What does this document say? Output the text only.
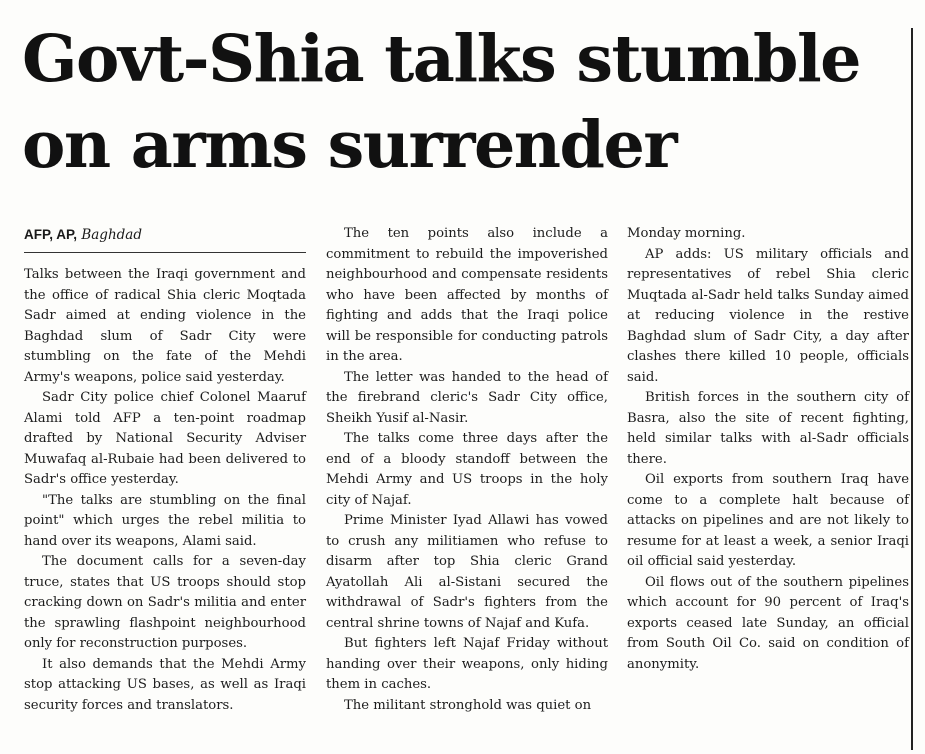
Govt-Shia talks stumble on arms surrender
AFP, AP, Baghdad

Talks between the Iraqi government and the office of radical Shia cleric Moqtada Sadr aimed at ending violence in the Baghdad slum of Sadr City were stumbling on the fate of the Mehdi Army's weapons, police said yesterday.

Sadr City police chief Colonel Maaruf Alami told AFP a ten-point roadmap drafted by National Security Adviser Muwafaq al-Rubaie had been delivered to Sadr's office yesterday.

"The talks are stumbling on the final point" which urges the rebel militia to hand over its weapons, Alami said.

The document calls for a seven-day truce, states that US troops should stop cracking down on Sadr's militia and enter the sprawling flashpoint neighbourhood only for reconstruction purposes.

It also demands that the Mehdi Army stop attacking US bases, as well as Iraqi security forces and translators.

The ten points also include a commitment to rebuild the impoverished neighbourhood and compensate residents who have been affected by months of fighting and adds that the Iraqi police will be responsible for conducting patrols in the area.

The letter was handed to the head of the firebrand cleric's Sadr City office, Sheikh Yusif al-Nasir.

The talks come three days after the end of a bloody standoff between the Mehdi Army and US troops in the holy city of Najaf.

Prime Minister Iyad Allawi has vowed to crush any militiamen who refuse to disarm after top Shia cleric Grand Ayatollah Ali al-Sistani secured the withdrawal of Sadr's fighters from the central shrine towns of Najaf and Kufa.

But fighters left Najaf Friday without handing over their weapons, only hiding them in caches.

The militant stronghold was quiet on

Monday morning.

AP adds: US military officials and representatives of rebel Shia cleric Muqtada al-Sadr held talks Sunday aimed at reducing violence in the restive Baghdad slum of Sadr City, a day after clashes there killed 10 people, officials said.

British forces in the southern city of Basra, also the site of recent fighting, held similar talks with al-Sadr officials there.

Oil exports from southern Iraq have come to a complete halt because of attacks on pipelines and are not likely to resume for at least a week, a senior Iraqi oil official said yesterday.

Oil flows out of the southern pipelines which account for 90 percent of Iraq's exports ceased late Sunday, an official from South Oil Co. said on condition of anonymity.
